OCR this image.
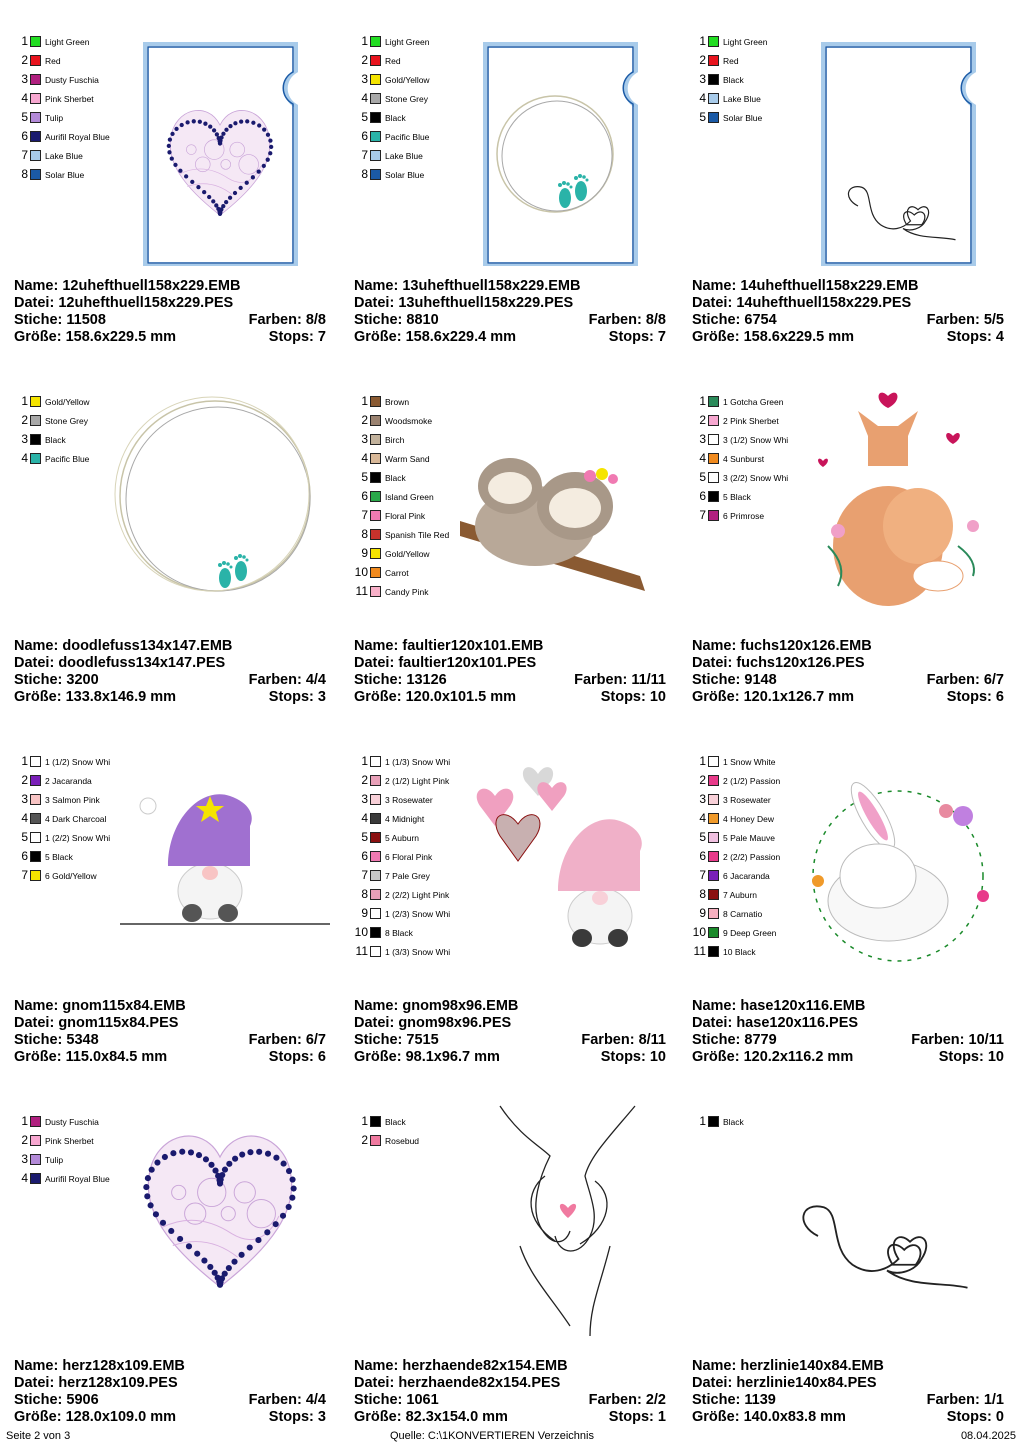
1 Light Green
2 Red
3 Dusty Fuschia
4 Pink Sherbet
5 Tulip
6 Aurifil Royal Blue
7 Lake Blue
8 Solar Blue
Name: 12uhefthuell158x229.EMB
Datei: 12uhefthuell158x229.PES
Stiche: 11508	Farben: 8/8
Größe: 158.6x229.5 mm	Stops: 7
1 Light Green
2 Red
3 Gold/Yellow
4 Stone Grey
5 Black
6 Pacific Blue
7 Lake Blue
8 Solar Blue
Name: 13uhefthuell158x229.EMB
Datei: 13uhefthuell158x229.PES
Stiche: 8810	Farben: 8/8
Größe: 158.6x229.4 mm	Stops: 7
1 Light Green
2 Red
3 Black
4 Lake Blue
5 Solar Blue
Name: 14uhefthuell158x229.EMB
Datei: 14uhefthuell158x229.PES
Stiche: 6754	Farben: 5/5
Größe: 158.6x229.5 mm	Stops: 4
1 Gold/Yellow
2 Stone Grey
3 Black
4 Pacific Blue
Name: doodlefuss134x147.EMB
Datei: doodlefuss134x147.PES
Stiche: 3200	Farben: 4/4
Größe: 133.8x146.9 mm	Stops: 3
1 Brown
2 Woodsmoke
3 Birch
4 Warm Sand
5 Black
6 Island Green
7 Floral Pink
8 Spanish Tile Red
9 Gold/Yellow
10 Carrot
11 Candy Pink
Name: faultier120x101.EMB
Datei: faultier120x101.PES
Stiche: 13126	Farben: 11/11
Größe: 120.0x101.5 mm	Stops: 10
1 1 Gotcha Green
2 2 Pink Sherbet
3 3 (1/2) Snow Whi
4 4 Sunburst
5 3 (2/2) Snow Whi
6 5 Black
7 6 Primrose
Name: fuchs120x126.EMB
Datei: fuchs120x126.PES
Stiche: 9148	Farben: 6/7
Größe: 120.1x126.7 mm	Stops: 6
1 1 (1/2) Snow Whi
2 2 Jacaranda
3 3 Salmon Pink
4 4 Dark Charcoal
5 1 (2/2) Snow Whi
6 5 Black
7 6 Gold/Yellow
Name: gnom115x84.EMB
Datei: gnom115x84.PES
Stiche: 5348	Farben: 6/7
Größe: 115.0x84.5 mm	Stops: 6
1 1 (1/3) Snow Whi
2 2 (1/2) Light Pink
3 3 Rosewater
4 4 Midnight
5 5 Auburn
6 6 Floral Pink
7 7 Pale Grey
8 2 (2/2) Light Pink
9 1 (2/3) Snow Whi
10 8 Black
11 1 (3/3) Snow Whi
Name: gnom98x96.EMB
Datei: gnom98x96.PES
Stiche: 7515	Farben: 8/11
Größe: 98.1x96.7 mm	Stops: 10
1 1 Snow White
2 2 (1/2) Passion
3 3 Rosewater
4 4 Honey Dew
5 5 Pale Mauve
6 2 (2/2) Passion
7 6 Jacaranda
8 7 Auburn
9 8 Carnatio
10 9 Deep Green
11 10 Black
Name: hase120x116.EMB
Datei: hase120x116.PES
Stiche: 8779	Farben: 10/11
Größe: 120.2x116.2 mm	Stops: 10
1 Dusty Fuschia
2 Pink Sherbet
3 Tulip
4 Aurifil Royal Blue
Name: herz128x109.EMB
Datei: herz128x109.PES
Stiche: 5906	Farben: 4/4
Größe: 128.0x109.0 mm	Stops: 3
1 Black
2 Rosebud
Name: herzhaende82x154.EMB
Datei: herzhaende82x154.PES
Stiche: 1061	Farben: 2/2
Größe: 82.3x154.0 mm	Stops: 1
1 Black
Name: herzlinie140x84.EMB
Datei: herzlinie140x84.PES
Stiche: 1139	Farben: 1/1
Größe: 140.0x83.8 mm	Stops: 0
Seite 2 von 3	Quelle: C:\1KONVERTIEREN Verzeichnis	08.04.2025
